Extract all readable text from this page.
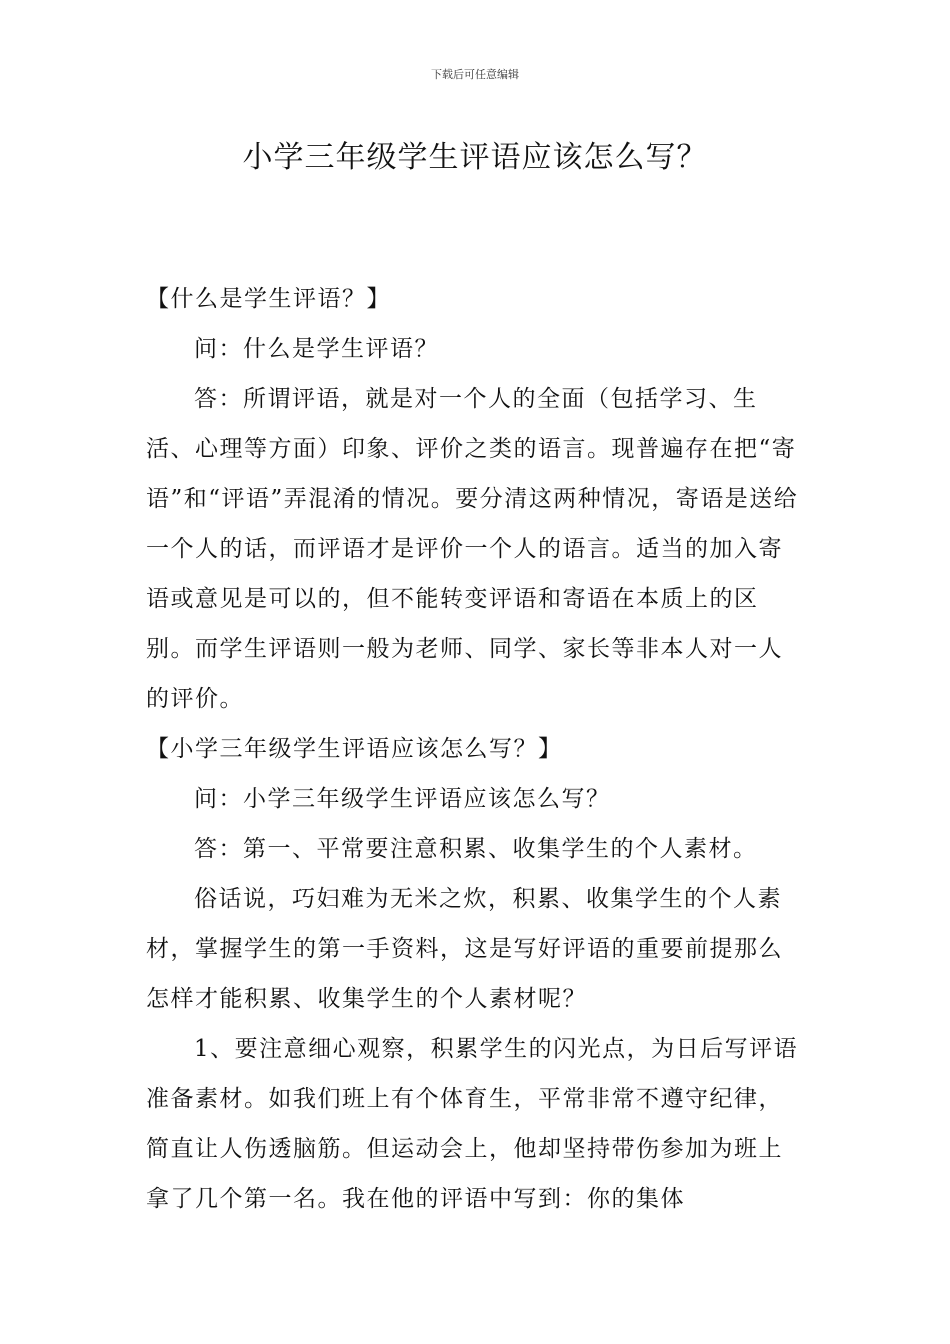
下载后可任意编辑
小学三年级学生评语应该怎么写？

【什么是学生评语？】

问：什么是学生评语？

答：所谓评语，就是对一个人的全面（包括学习、生活、心理等方面）印象、评价之类的语言。现普遍存在把“寄语”和“评语”弄混淆的情况。要分清这两种情况，寄语是送给一个人的话，而评语才是评价一个人的语言。适当的加入寄语或意见是可以的，但不能转变评语和寄语在本质上的区别。而学生评语则一般为老师、同学、家长等非本人对一人的评价。

【小学三年级学生评语应该怎么写？】

问：小学三年级学生评语应该怎么写？

答：第一、平常要注意积累、收集学生的个人素材。

俗话说，巧妇难为无米之炊，积累、收集学生的个人素材，掌握学生的第一手资料，这是写好评语的重要前提那么怎样才能积累、收集学生的个人素材呢？

1、要注意细心观察，积累学生的闪光点，为日后写评语准备素材。如我们班上有个体育生，平常非常不遵守纪律，简直让人伤透脑筋。但运动会上，他却坚持带伤参加为班上拿了几个第一名。我在他的评语中写到：你的集体
